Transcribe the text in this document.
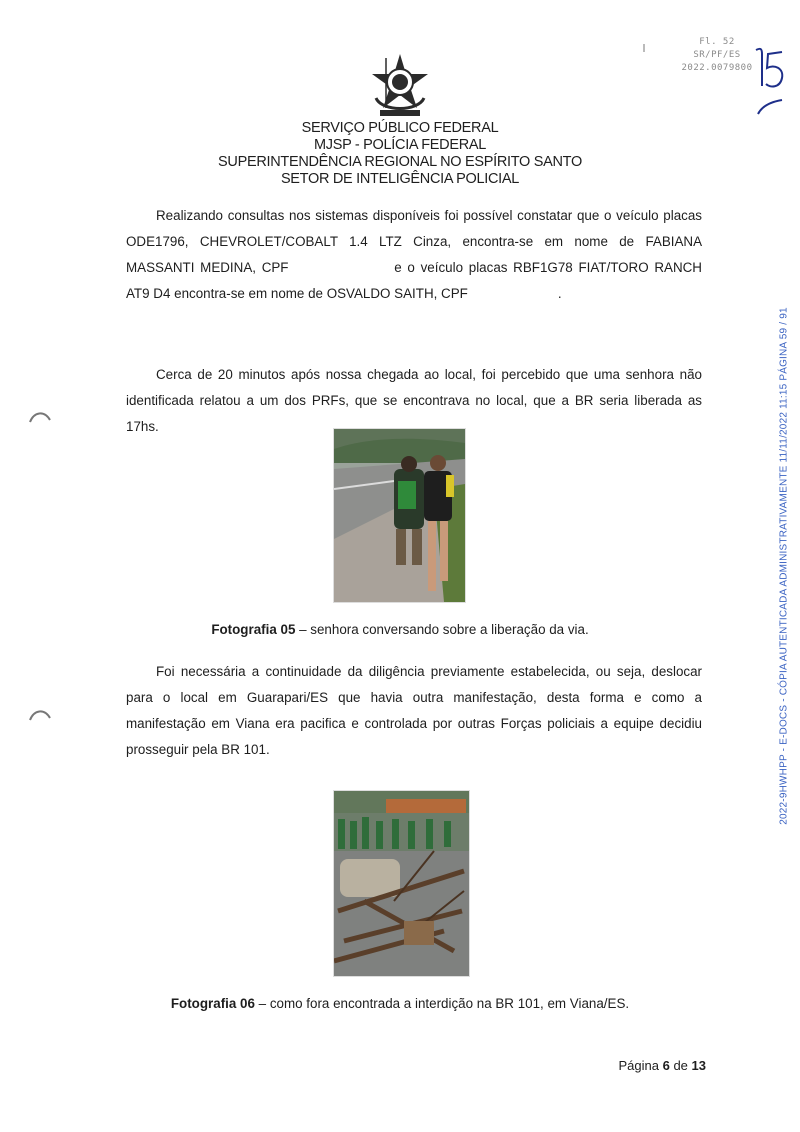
Fl. 52
SR/PF/ES
2022.0079800
SERVIÇO PÚBLICO FEDERAL
MJSP - POLÍCIA FEDERAL
SUPERINTENDÊNCIA REGIONAL NO ESPÍRITO SANTO
SETOR DE INTELIGÊNCIA POLICIAL

Realizando consultas nos sistemas disponíveis foi possível constatar que o veículo placas ODE1796, CHEVROLET/COBALT 1.4 LTZ Cinza, encontra-se em nome de FABIANA MASSANTI MEDINA, CPF	e o veículo placas RBF1G78 FIAT/TORO RANCH AT9 D4 encontra-se em nome de OSVALDO SAITH, CPF	.

Cerca de 20 minutos após nossa chegada ao local, foi percebido que uma senhora não identificada relatou a um dos PRFs, que se encontrava no local, que a BR seria liberada as 17hs.

Fotografia 05 – senhora conversando sobre a liberação da via.

Foi necessária a continuidade da diligência previamente estabelecida, ou seja, deslocar para o local em Guarapari/ES que havia outra manifestação, desta forma e como a manifestação em Viana era pacifica e controlada por outras Forças policiais a equipe decidiu prosseguir pela BR 101.

Fotografia 06 – como fora encontrada a interdição na BR 101, em Viana/ES.
Página 6 de 13
2022-9HWHPP - E-DOCS - CÓPIA AUTENTICADA ADMINISTRATIVAMENTE 11/11/2022 11:15 PÁGINA 59 / 91
